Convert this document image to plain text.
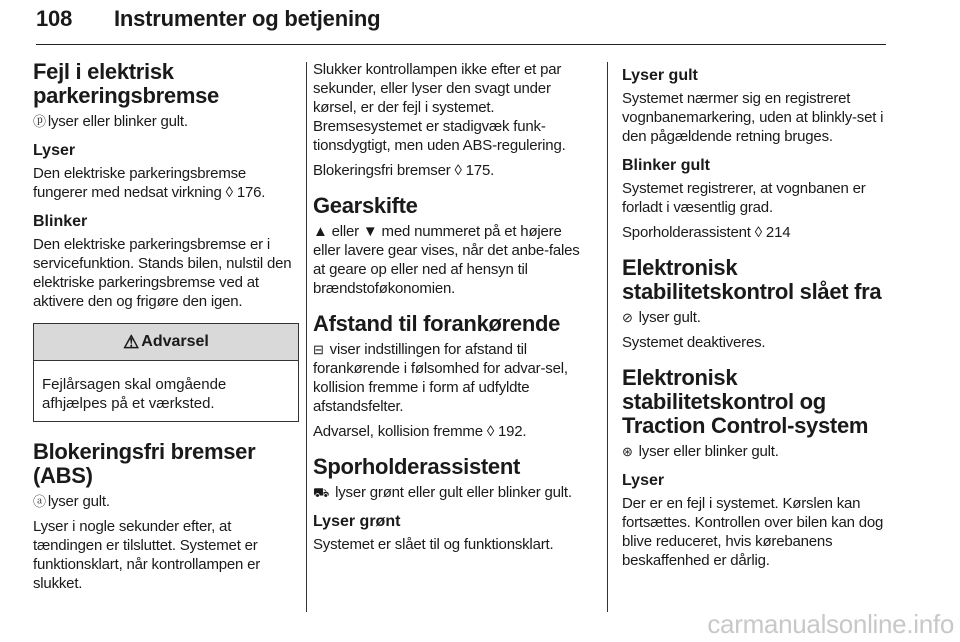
108 Instrumenter og betjening
Fejl i elektrisk parkeringsbremse

ⓟ lyser eller blinker gult.

Lyser

Den elektriske parkeringsbremse fungerer med nedsat virkning ◊ 176.

Blinker

Den elektriske parkeringsbremse er i servicefunktion. Stands bilen, nulstil den elektriske parkeringsbremse ved at aktivere den og frigøre den igen.

⚠ Advarsel
Fejlårsagen skal omgående afhjælpes på et værksted.
Blokeringsfri bremser (ABS)

ⓐ lyser gult.

Lyser i nogle sekunder efter, at tændingen er tilsluttet. Systemet er funktionsklart, når kontrollampen er slukket.

Slukker kontrollampen ikke efter et par sekunder, eller lyser den svagt under kørsel, er der fejl i systemet. Bremsesystemet er stadigvæk funk-tionsdygtigt, men uden ABS-regulering.

Blokeringsfri bremser ◊ 175.

Gearskifte

▲ eller ▼ med nummeret på et højere eller lavere gear vises, når det anbe-fales at geare op eller ned af hensyn til brændstoføkonomien.

Afstand til forankørende

⊟ viser indstillingen for afstand til forankørende i følsomhed for advar-sel, kollision fremme i form af udfyldte afstandsfelter.

Advarsel, kollision fremme ◊ 192.

Sporholderassistent

⛟ lyser grønt eller gult eller blinker gult.

Lyser grønt

Systemet er slået til og funktionsklart.

Lyser gult

Systemet nærmer sig en registreret vognbanemarkering, uden at blinkly-set i den pågældende retning bruges.

Blinker gult

Systemet registrerer, at vognbanen er forladt i væsentlig grad.

Sporholderassistent ◊ 214

Elektronisk stabilitetskontrol slået fra

⊘ lyser gult.

Systemet deaktiveres.

Elektronisk stabilitetskontrol og Traction Control-system

⊛ lyser eller blinker gult.

Lyser

Der er en fejl i systemet. Kørslen kan fortsættes. Kontrollen over bilen kan dog blive reduceret, hvis kørebanens beskaffenhed er dårlig.

carmanualsonline.info
